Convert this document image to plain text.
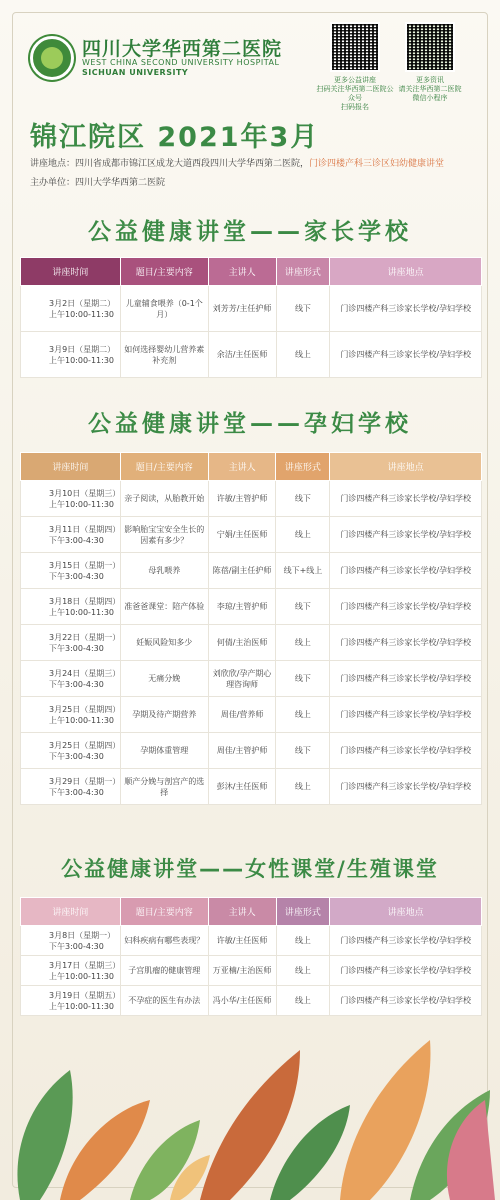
四川大学华西第二医院
WEST CHINA SECOND UNIVERSITY HOSPITAL
SICHUAN UNIVERSITY
更多公益讲座
扫码关注华西第二医院公众号
扫码报名
更多资讯
请关注华西第二医院
微信小程序
锦江院区 2021年3月
讲座地点：四川省成都市锦江区成龙大道西段四川大学华西第二医院，门诊四楼产科三诊区妇幼健康讲堂
主办单位：四川大学华西第二医院
公益健康讲堂——家长学校
讲座时间	题目/主要内容	主讲人	讲座形式	讲座地点

3月2日（星期二）
上午10:00-11:30	儿童辅食喂养（0-1个月）	刘芳芳/主任护师	线下	门诊四楼产科三诊家长学校/孕妇学校

3月9日（星期二）
上午10:00-11:30	如何选择婴幼儿营养素补充剂	余洁/主任医师	线上	门诊四楼产科三诊家长学校/孕妇学校
公益健康讲堂——孕妇学校
讲座时间	题目/主要内容	主讲人	讲座形式	讲座地点

3月10日（星期三）
上午10:00-11:30	亲子阅读，从胎教开始	许敏/主管护师	线下	门诊四楼产科三诊家长学校/孕妇学校

3月11日（星期四）
下午3:00-4:30	影响胎宝宝安全生长的因素有多少？	宁娟/主任医师	线上	门诊四楼产科三诊家长学校/孕妇学校

3月15日（星期一）
下午3:00-4:30	母乳喂养	陈蓓/副主任护师	线下+线上	门诊四楼产科三诊家长学校/孕妇学校

3月18日（星期四）
上午10:00-11:30	准爸爸课堂：陪产体验	李琼/主管护师	线下	门诊四楼产科三诊家长学校/孕妇学校

3月22日（星期一）
下午3:00-4:30	妊娠风险知多少	何倩/主治医师	线上	门诊四楼产科三诊家长学校/孕妇学校

3月24日（星期三）
下午3:00-4:30	无痛分娩	刘欣欣/孕产期心理咨询师	线下	门诊四楼产科三诊家长学校/孕妇学校

3月25日（星期四）
上午10:00-11:30	孕期及待产期营养	周佳/营养师	线上	门诊四楼产科三诊家长学校/孕妇学校

3月25日（星期四）
下午3:00-4:30	孕期体重管理	周佳/主管护师	线下	门诊四楼产科三诊家长学校/孕妇学校

3月29日（星期一）
下午3:00-4:30	顺产分娩与剖宫产的选择	彭沐/主任医师	线上	门诊四楼产科三诊家长学校/孕妇学校
公益健康讲堂——女性课堂/生殖课堂
讲座时间	题目/主要内容	主讲人	讲座形式	讲座地点

3月8日（星期一）
下午3:00-4:30	妇科疾病有哪些表现？	许敏/主任医师	线上	门诊四楼产科三诊家长学校/孕妇学校

3月17日（星期三）
上午10:00-11:30	子宫肌瘤的健康管理	万亚楠/主治医师	线上	门诊四楼产科三诊家长学校/孕妇学校

3月19日（星期五）
上午10:00-11:30	不孕症的医生有办法	冯小华/主任医师	线上	门诊四楼产科三诊家长学校/孕妇学校
